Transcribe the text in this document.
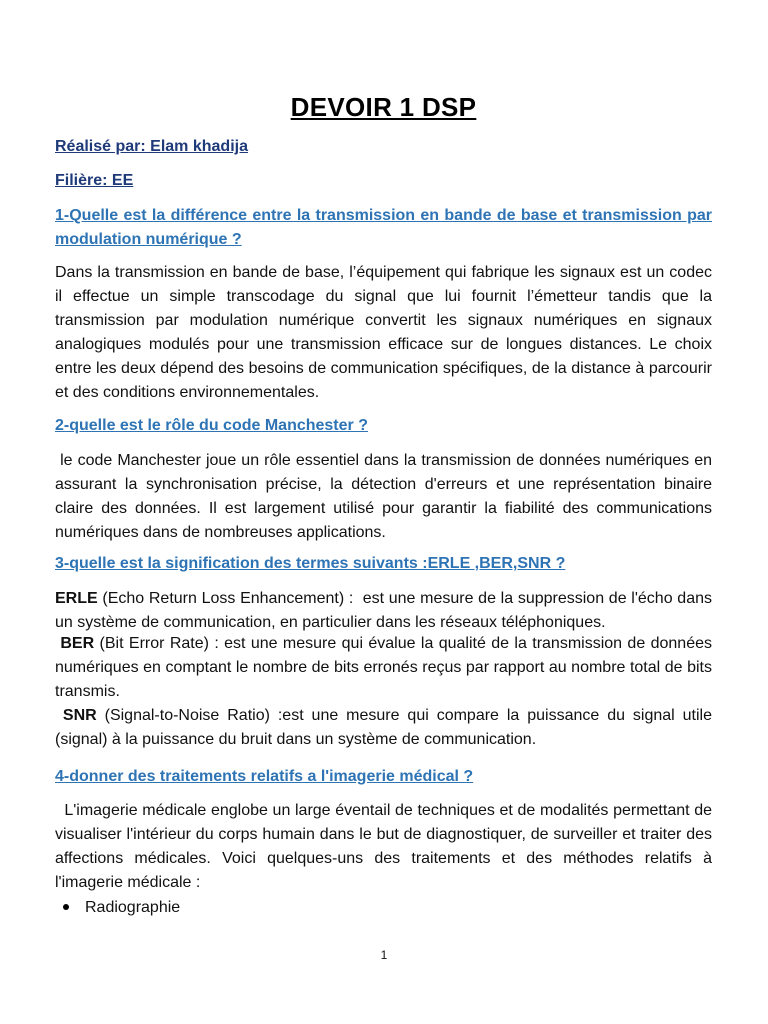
DEVOIR 1 DSP
Réalisé par: Elam khadija
Filière: EE
1-Quelle est la différence entre la transmission en bande de base et transmission par modulation numérique ?
Dans la transmission en bande de base, l’équipement qui fabrique les signaux est un codec il effectue un simple transcodage du signal que lui fournit l’émetteur tandis que la transmission par modulation numérique convertit les signaux numériques en signaux analogiques modulés pour une transmission efficace sur de longues distances. Le choix entre les deux dépend des besoins de communication spécifiques, de la distance à parcourir et des conditions environnementales.
2-quelle est le rôle du code Manchester ?
le code Manchester joue un rôle essentiel dans la transmission de données numériques en assurant la synchronisation précise, la détection d'erreurs et une représentation binaire claire des données. Il est largement utilisé pour garantir la fiabilité des communications numériques dans de nombreuses applications.
3-quelle est la signification des termes suivants :ERLE ,BER,SNR ?
ERLE (Echo Return Loss Enhancement) :  est une mesure de la suppression de l'écho dans un système de communication, en particulier dans les réseaux téléphoniques.
BER (Bit Error Rate) : est une mesure qui évalue la qualité de la transmission de données numériques en comptant le nombre de bits erronés reçus par rapport au nombre total de bits transmis.
SNR (Signal-to-Noise Ratio) :est une mesure qui compare la puissance du signal utile (signal) à la puissance du bruit dans un système de communication.
4-donner des traitements relatifs a l'imagerie médical ?
L'imagerie médicale englobe un large éventail de techniques et de modalités permettant de visualiser l'intérieur du corps humain dans le but de diagnostiquer, de surveiller et traiter des affections médicales. Voici quelques-uns des traitements et des méthodes relatifs à l'imagerie médicale :
Radiographie
1
